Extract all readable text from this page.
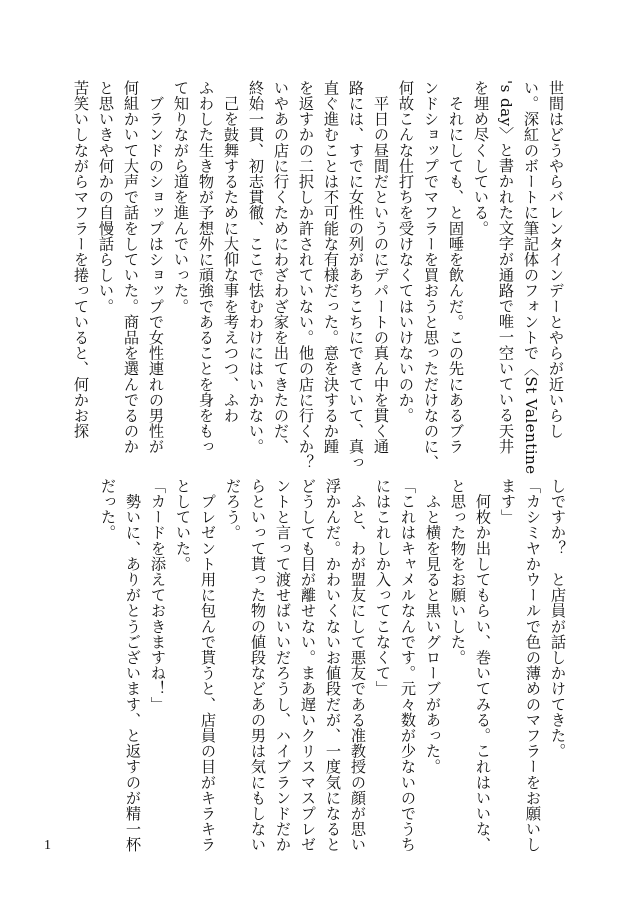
世間はどうやらバレンタインデーとやらが近いらし
い。深紅のボートに筆記体のフォントで〈St Valentine
's day〉と書かれた文字が通路で唯一空いている天井
を埋め尽くしている。
　それにしても、と固唾を飲んだ。この先にあるブラ
ンドショップでマフラーを買おうと思っただけなのに、
何故こんな仕打ちを受けなくてはいけないのか。
　平日の昼間だというのにデパートの真ん中を貫く通
路には、すでに女性の列があちこちにできていて、真っ
直ぐ進むことは不可能な有様だった。意を決するか踵
を返すかの二択しか許されていない。他の店に行くか？
いやあの店に行くためにわざわざ家を出てきたのだ、
終始一貫、初志貫徹、ここで怯むわけにはいかない。
　己を鼓舞するために大仰な事を考えつつ、ふわ
ふわした生き物が予想外に頑強であることを身をもっ
て知りながら道を進んでいった。
　ブランドのショップはショップで女性連れの男性が
何組かいて大声で話をしていた。商品を選んでるのか
と思いきや何かの自慢話らしい。
苦笑いしながらマフラーを捲っていると、何かお探
しですか？　と店員が話しかけてきた。
「カシミヤかウールで色の薄めのマフラーをお願いし
ます」
　何枚か出してもらい、巻いてみる。これはいいな、
と思った物をお願いした。
　ふと横を見ると黒いグローブがあった。
「これはキャメルなんです。元々数が少ないのでうち
にはこれしか入ってこなくて」
　ふと、わが盟友にして悪友である准教授の顔が思い
浮かんだ。かわいくないお値段だが、一度気になると
どうしても目が離せない。まあ遅いクリスマスプレゼ
ントと言って渡せばいいだろうし、ハイブランドだか
らといって貰った物の値段などあの男は気にもしない
だろう。
　プレゼント用に包んで貰うと、店員の目がキラキラ
としていた。
「カードを添えておきますね！」
　勢いに、ありがとうございます、と返すのが精一杯
だった。
1
